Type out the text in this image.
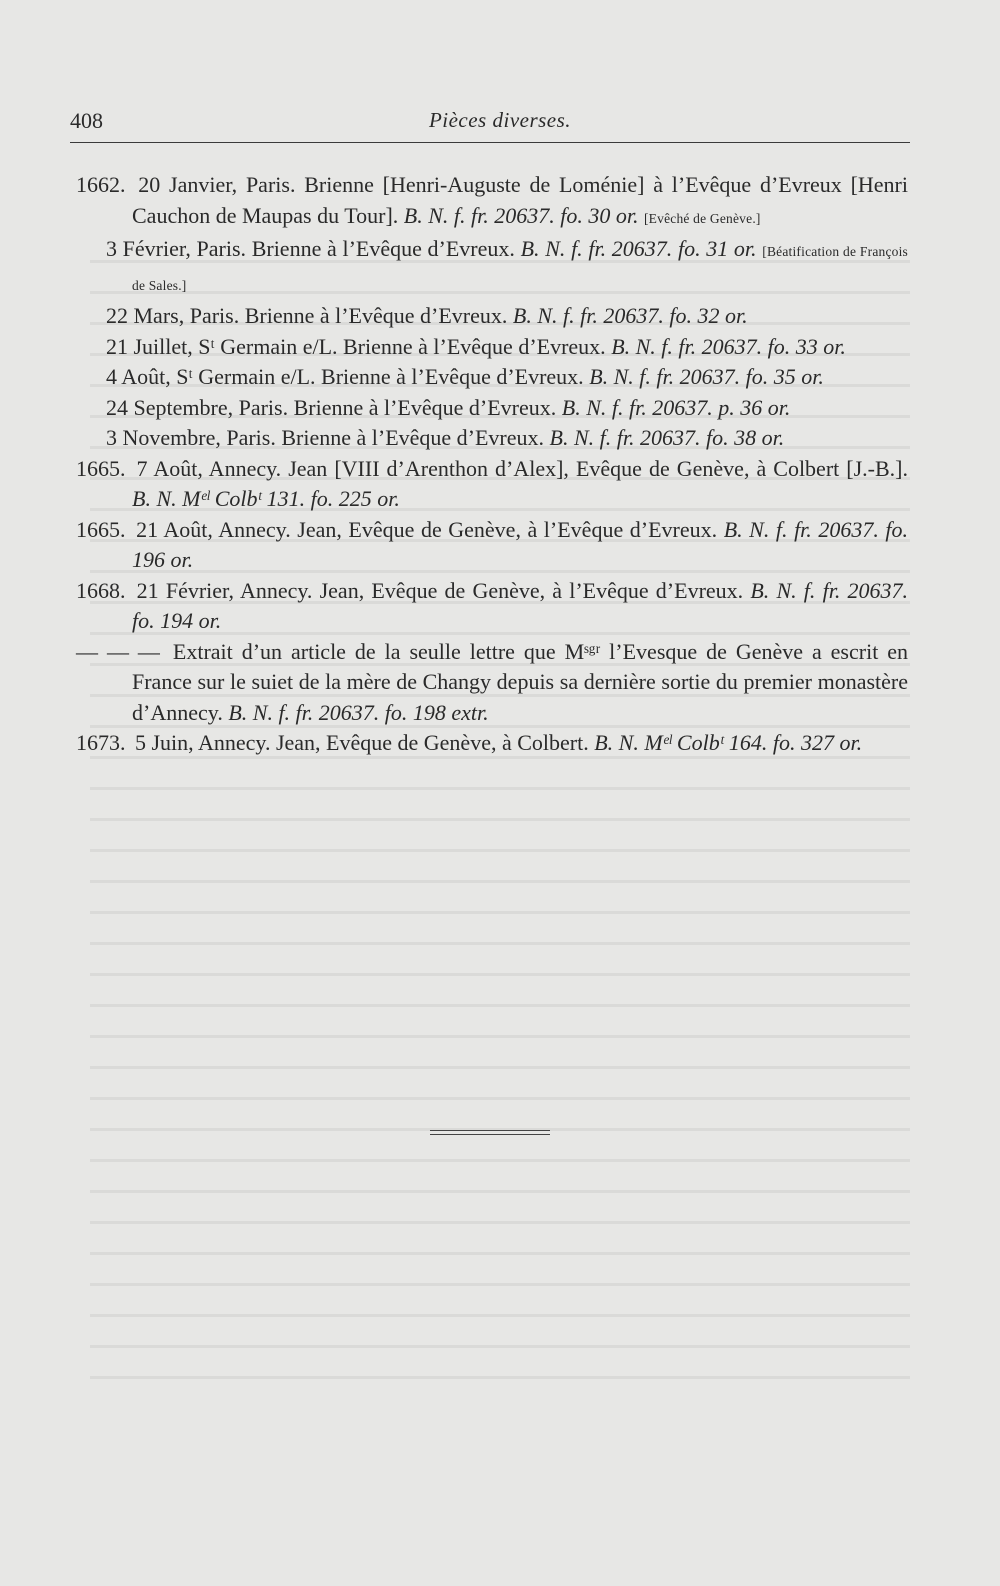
408	Pièces diverses.

1662. 20 Janvier, Paris. Brienne [Henri-Auguste de Loménie] à l’Evêque d’Evreux [Henri Cauchon de Maupas du Tour]. B. N. f. fr. 20637. fo. 30 or. [Evêché de Genève.]

3 Février, Paris. Brienne à l’Evêque d’Evreux. B. N. f. fr. 20637. fo. 31 or. [Béatification de François de Sales.]

22 Mars, Paris. Brienne à l’Evêque d’Evreux. B. N. f. fr. 20637. fo. 32 or.

21 Juillet, Sᵗ Germain e/L. Brienne à l’Evêque d’Evreux. B. N. f. fr. 20637. fo. 33 or.

4 Août, Sᵗ Germain e/L. Brienne à l’Evêque d’Evreux. B. N. f. fr. 20637. fo. 35 or.

24 Septembre, Paris. Brienne à l’Evêque d’Evreux. B. N. f. fr. 20637. p. 36 or.

3 Novembre, Paris. Brienne à l’Evêque d’Evreux. B. N. f. fr. 20637. fo. 38 or.

1665. 7 Août, Annecy. Jean [VIII d’Arenthon d’Alex], Evêque de Genève, à Colbert [J.-B.]. B. N. Mᵉˡ Colbᵗ 131. fo. 225 or.

1665. 21 Août, Annecy. Jean, Evêque de Genève, à l’Evêque d’Evreux. B. N. f. fr. 20637. fo. 196 or.

1668. 21 Février, Annecy. Jean, Evêque de Genève, à l’Evêque d’Evreux. B. N. f. fr. 20637. fo. 194 or.

— — — Extrait d’un article de la seulle lettre que Mˢᵍʳ l’Evesque de Genève a escrit en France sur le suiet de la mère de Changy depuis sa dernière sortie du premier monastère d’Annecy. B. N. f. fr. 20637. fo. 198 extr.

1673. 5 Juin, Annecy. Jean, Evêque de Genève, à Colbert. B. N. Mᵉˡ Colbᵗ 164. fo. 327 or.
